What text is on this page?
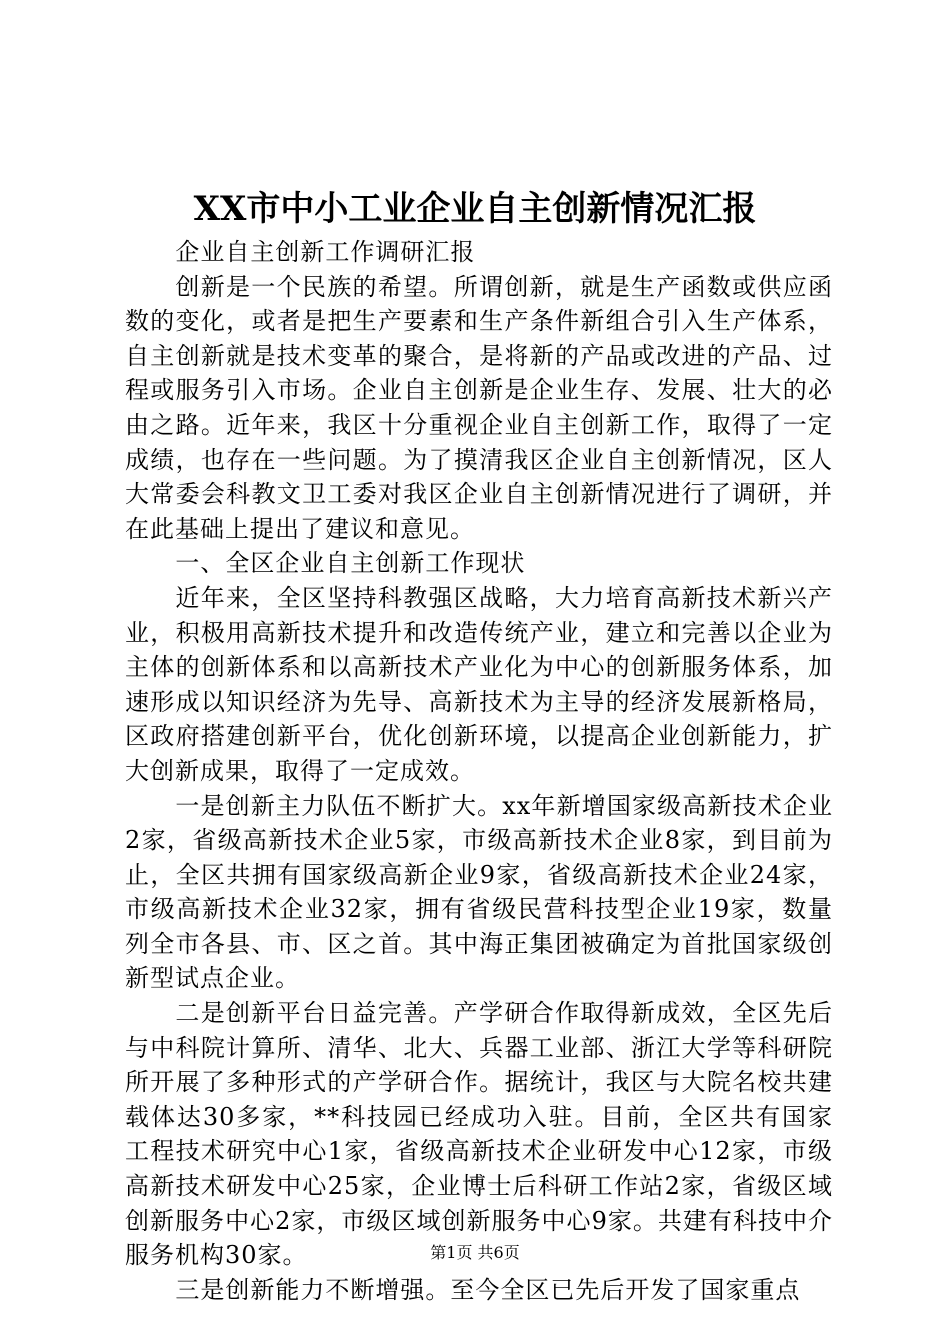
XX市中小工业企业自主创新情况汇报

企业自主创新工作调研汇报

创新是一个民族的希望。所谓创新，就是生产函数或供应函数的变化，或者是把生产要素和生产条件新组合引入生产体系，自主创新就是技术变革的聚合，是将新的产品或改进的产品、过程或服务引入市场。企业自主创新是企业生存、发展、壮大的必由之路。近年来，我区十分重视企业自主创新工作，取得了一定成绩，也存在一些问题。为了摸清我区企业自主创新情况，区人大常委会科教文卫工委对我区企业自主创新情况进行了调研，并在此基础上提出了建议和意见。

一、全区企业自主创新工作现状

近年来，全区坚持科教强区战略，大力培育高新技术新兴产业，积极用高新技术提升和改造传统产业，建立和完善以企业为主体的创新体系和以高新技术产业化为中心的创新服务体系，加速形成以知识经济为先导、高新技术为主导的经济发展新格局，区政府搭建创新平台，优化创新环境，以提高企业创新能力，扩大创新成果，取得了一定成效。

一是创新主力队伍不断扩大。xx年新增国家级高新技术企业2家，省级高新技术企业5家，市级高新技术企业8家，到目前为止，全区共拥有国家级高新企业9家，省级高新技术企业24家，市级高新技术企业32家，拥有省级民营科技型企业19家，数量列全市各县、市、区之首。其中海正集团被确定为首批国家级创新型试点企业。

二是创新平台日益完善。产学研合作取得新成效，全区先后与中科院计算所、清华、北大、兵器工业部、浙江大学等科研院所开展了多种形式的产学研合作。据统计，我区与大院名校共建载体达30多家，**科技园已经成功入驻。目前，全区共有国家工程技术研究中心1家，省级高新技术企业研发中心12家，市级高新技术研发中心25家，企业博士后科研工作站2家，省级区域创新服务中心2家，市级区域创新服务中心9家。共建有科技中介服务机构30家。

三是创新能力不断增强。至今全区已先后开发了国家重点

第1页 共6页
